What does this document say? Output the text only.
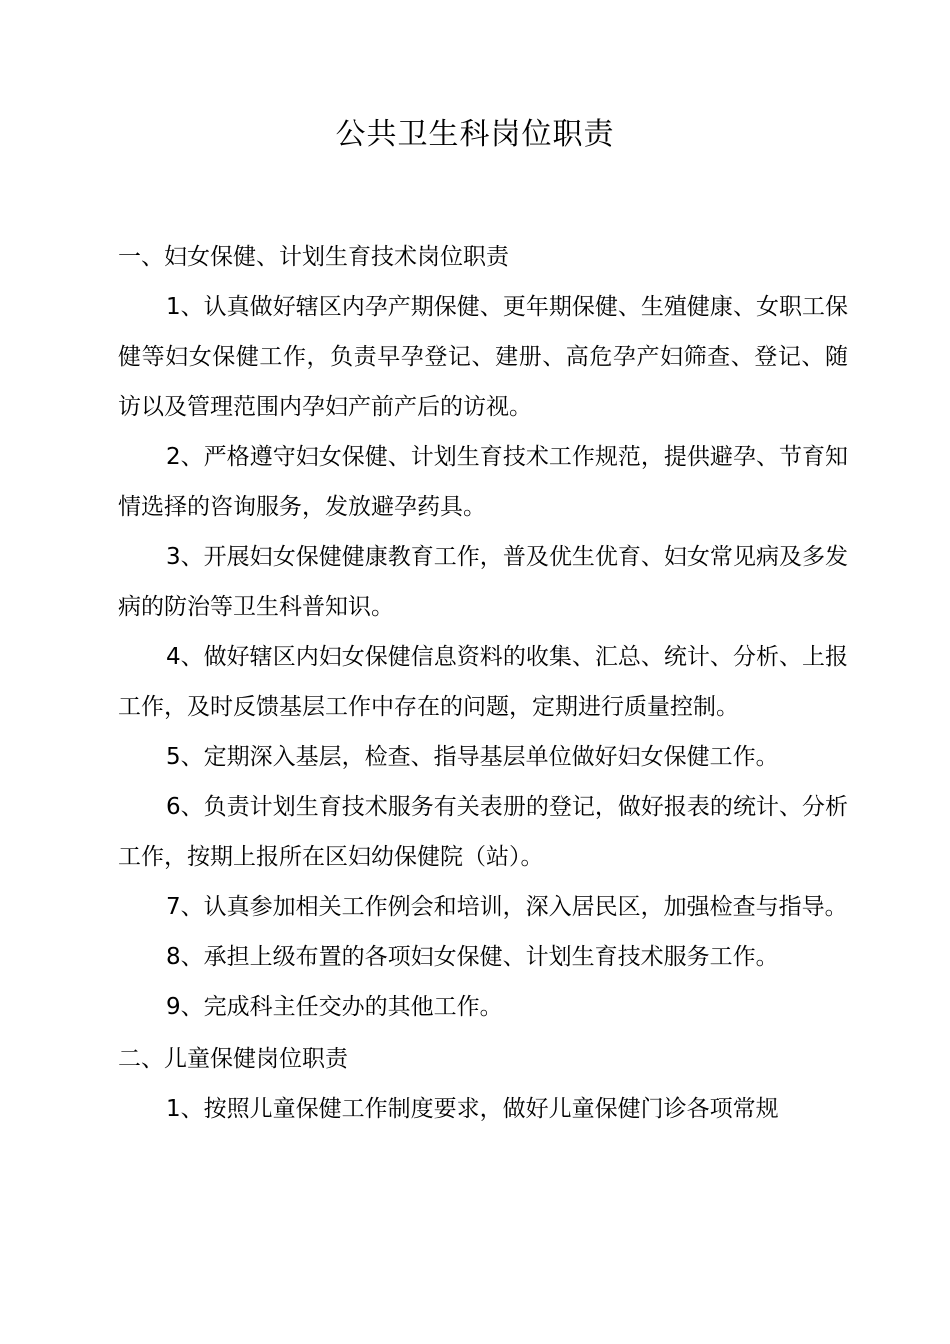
公共卫生科岗位职责

一、妇女保健、计划生育技术岗位职责

1、认真做好辖区内孕产期保健、更年期保健、生殖健康、女职工保健等妇女保健工作，负责早孕登记、建册、高危孕产妇筛查、登记、随访以及管理范围内孕妇产前产后的访视。

2、严格遵守妇女保健、计划生育技术工作规范，提供避孕、节育知情选择的咨询服务，发放避孕药具。

3、开展妇女保健健康教育工作，普及优生优育、妇女常见病及多发病的防治等卫生科普知识。

4、做好辖区内妇女保健信息资料的收集、汇总、统计、分析、上报工作，及时反馈基层工作中存在的问题，定期进行质量控制。

5、定期深入基层，检查、指导基层单位做好妇女保健工作。

6、负责计划生育技术服务有关表册的登记，做好报表的统计、分析工作，按期上报所在区妇幼保健院（站）。

7、认真参加相关工作例会和培训，深入居民区，加强检查与指导。

8、承担上级布置的各项妇女保健、计划生育技术服务工作。

9、完成科主任交办的其他工作。

二、儿童保健岗位职责

1、按照儿童保健工作制度要求，做好儿童保健门诊各项常规
